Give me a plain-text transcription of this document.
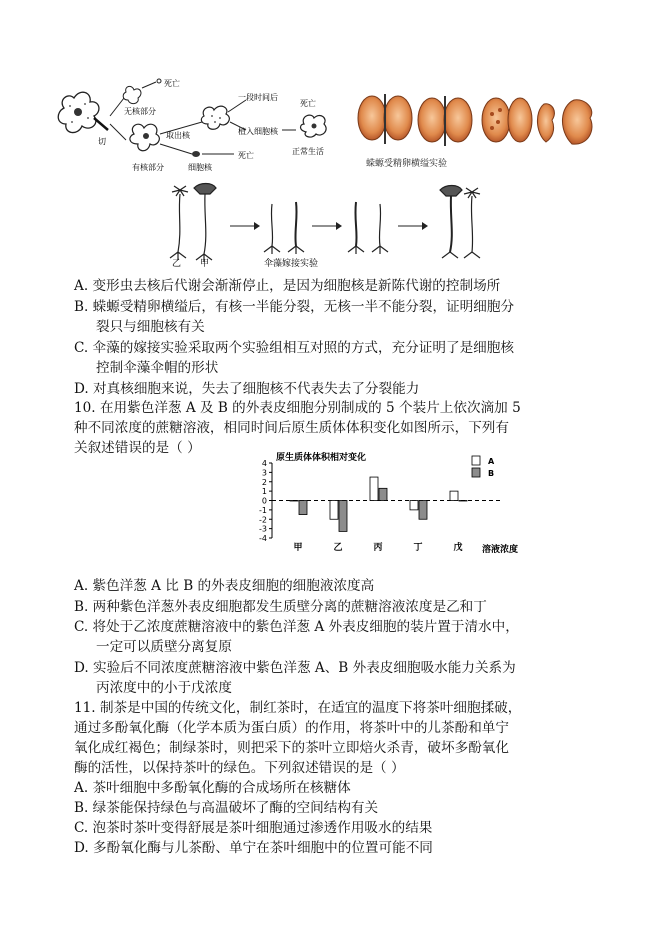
切
无核部分
死亡
有核部分
取出核
细胞核
死亡
一段时间后
死亡
植入细胞核
正常生活
蝾螈受精卵横缢实验
乙 甲	伞藻嫁接实验
A. 变形虫去核后代谢会渐渐停止，是因为细胞核是新陈代谢的控制场所
B. 蝾螈受精卵横缢后，有核一半能分裂，无核一半不能分裂，证明细胞分
裂只与细胞核有关
C. 伞藻的嫁接实验采取两个实验组相互对照的方式，充分证明了是细胞核
控制伞藻伞帽的形状
D. 对真核细胞来说，失去了细胞核不代表失去了分裂能力
10. 在用紫色洋葱 A 及 B 的外表皮细胞分别制成的 5 个装片上依次滴加 5
种不同浓度的蔗糖溶液，相同时间后原生质体体积变化如图所示，下列有
关叙述错误的是（ ）
原生质体体积相对变化
4
3
2
1
0
-1
-2
-3
-4
甲	乙	丙	丁	戊 溶液浓度
A
B
A. 紫色洋葱 A 比 B 的外表皮细胞的细胞液浓度高
B. 两种紫色洋葱外表皮细胞都发生质壁分离的蔗糖溶液浓度是乙和丁
C. 将处于乙浓度蔗糖溶液中的紫色洋葱 A 外表皮细胞的装片置于清水中，
一定可以质壁分离复原
D. 实验后不同浓度蔗糖溶液中紫色洋葱 A、B 外表皮细胞吸水能力关系为
丙浓度中的小于戊浓度
11. 制茶是中国的传统文化，制红茶时，在适宜的温度下将茶叶细胞揉破，
通过多酚氧化酶（化学本质为蛋白质）的作用，将茶叶中的儿茶酚和单宁
氧化成红褐色；制绿茶时，则把采下的茶叶立即焙火杀青，破坏多酚氧化
酶的活性，以保持茶叶的绿色。下列叙述错误的是（ ）
A. 茶叶细胞中多酚氧化酶的合成场所在核糖体
B. 绿茶能保持绿色与高温破坏了酶的空间结构有关
C. 泡茶时茶叶变得舒展是茶叶细胞通过渗透作用吸水的结果
D. 多酚氧化酶与儿茶酚、单宁在茶叶细胞中的位置可能不同
